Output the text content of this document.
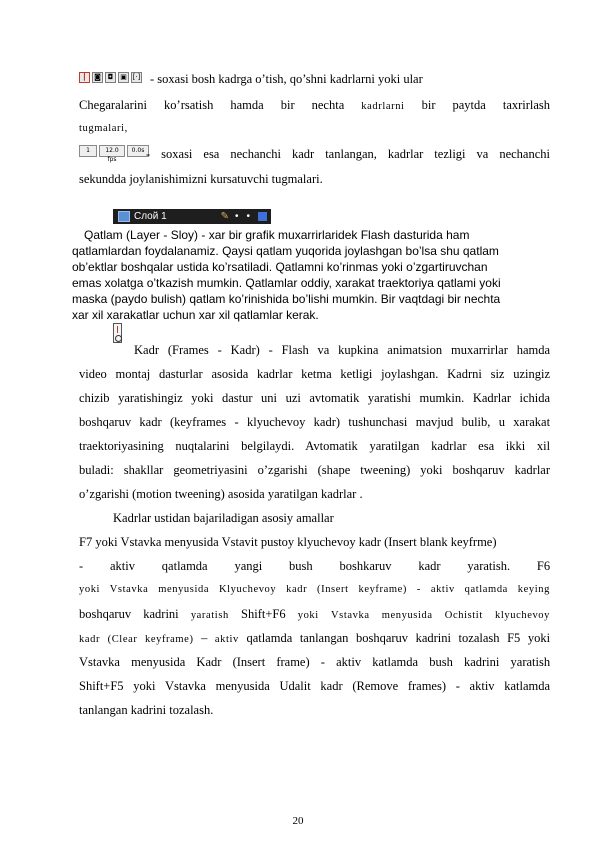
┃	◙ ◘ ▣ [·] - soxasi bosh kadrga o’tish, qo’shni kadrlarni yoki ular
Chegaralarini ko’rsatish hamda bir nechta kadrlarni bir paytda taxrirlash
tugmalari,
1	12.0 fps
0.0s - soxasi esa nechanchi kadr tanlangan, kadrlar tezligi va nechanchi
sekundda joylanishimizni kursatuvchi tugmalari.
Слой 1	✎ • •
Qatlam (Layer - Sloy) - xar bir grafik muxarrirlaridek Flash dasturida ham
qatlamlardan foydalanamiz. Qaysi qatlam yuqorida joylashgan bo’lsa shu qatlam
ob’ektlar boshqalar ustida ko’rsatiladi. Qatlamni ko’rinmas yoki o’zgartiruvchan
emas xolatga o’tkazish mumkin. Qatlamlar oddiy, xarakat traektoriya qatlami yoki
maska (paydo bulish) qatlam ko’rinishida bo’lishi mumkin. Bir vaqtdagi bir nechta
xar xil xarakatlar uchun xar xil qatlamlar kerak.
Kadr (Frames - Kadr) - Flash va kupkina animatsion muxarrirlar hamda
video montaj dasturlar asosida kadrlar ketma ketligi joylashgan. Kadrni siz uzingiz
chizib yaratishingiz yoki dastur uni uzi avtomatik yaratishi mumkin. Kadrlar ichida
boshqaruv kadr (keyframes - klyuchevoy kadr) tushunchasi mavjud bulib, u xarakat
traektoriyasining nuqtalarini belgilaydi. Avtomatik yaratilgan kadrlar esa ikki xil
buladi: shakllar geometriyasini o’zgarishi (shape tweening) yoki boshqaruv kadrlar
o’zgarishi (motion tweening) asosida yaratilgan kadrlar .
Kadrlar ustidan bajariladigan asosiy amallar
F7 yoki Vstavka menyusida Vstavit pustoy klyuchevoy kadr (Insert blank keyfrme)
- aktiv qatlamda yangi bush boshkaruv kadr yaratish. F6
yoki Vstavka menyusida Klyuchevoy kadr (Insert keyframe) - aktiv qatlamda keying
boshqaruv kadrini yaratish Shift+F6 yoki Vstavka menyusida Ochistit klyuchevoy
kadr (Clear keyframe) – aktiv qatlamda tanlangan boshqaruv kadrini tozalash F5 yoki
Vstavka menyusida Kadr (Insert frame) - aktiv katlamda bush kadrini yaratish
Shift+F5 yoki Vstavka menyusida Udalit kadr (Remove frames) - aktiv katlamda
tanlangan kadrini tozalash.
20
